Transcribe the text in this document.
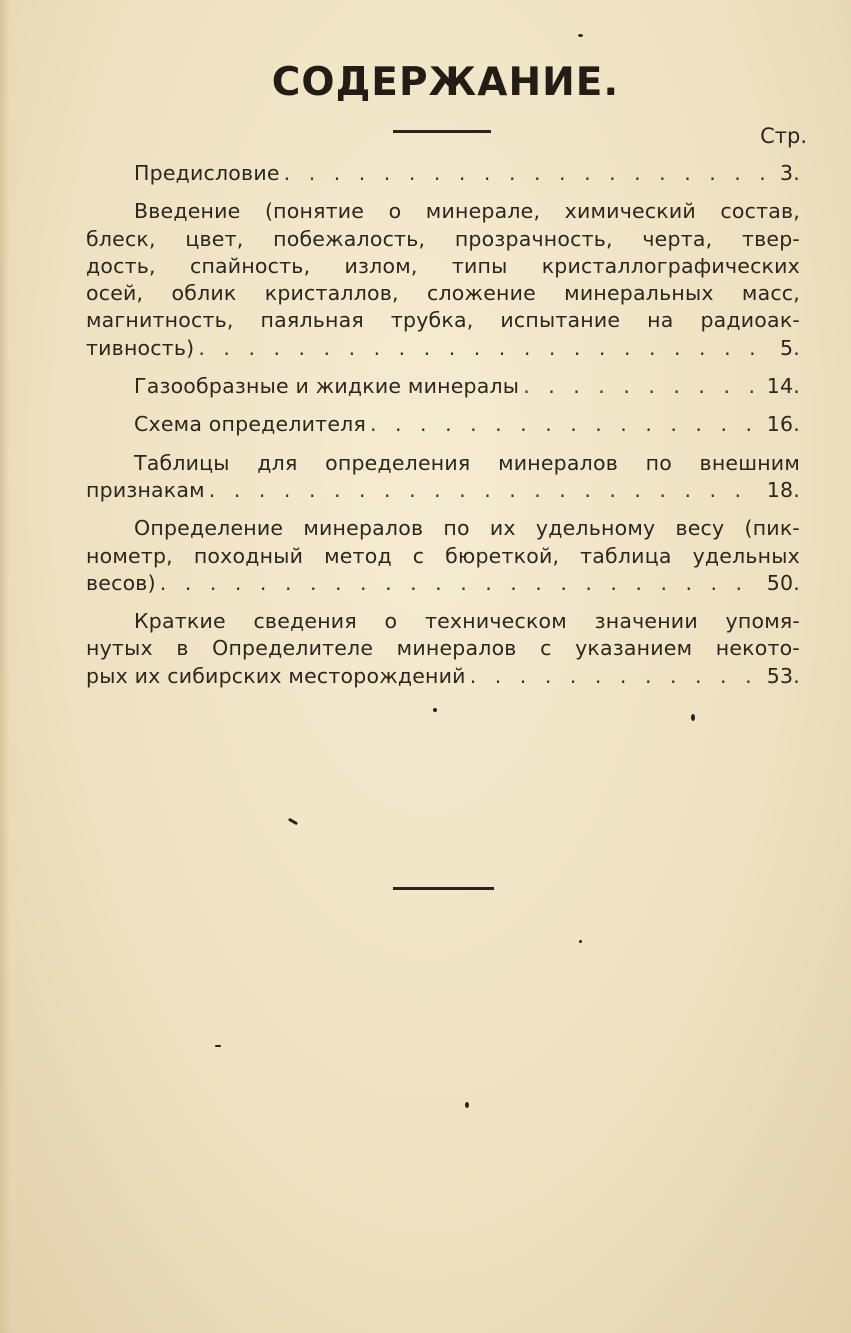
СОДЕРЖАНИЕ.
Стр.
Предисловие . . .	3.
Введение (понятие о минерале, химический состав,
блеск, цвет, побежалость, прозрачность, черта, твер-
дость, спайность, излом, типы кристаллографических
осей, облик кристаллов, сложение минеральных масс,
магнитность, паяльная трубка, испытание на радиоак-
тивность) . . .	5.
Газообразные и жидкие минералы . . .	14.
Схема определителя . . .	16.
Таблицы для определения минералов по внешним
признакам . . .	18.
Определение минералов по их удельному весу (пик-
нометр, походный метод с бюреткой, таблица удельных
весов) . . .	50.
Краткие сведения о техническом значении упомя-
нутых в Определителе минералов с указанием некото-
рых их сибирских месторождений . . .	53.
